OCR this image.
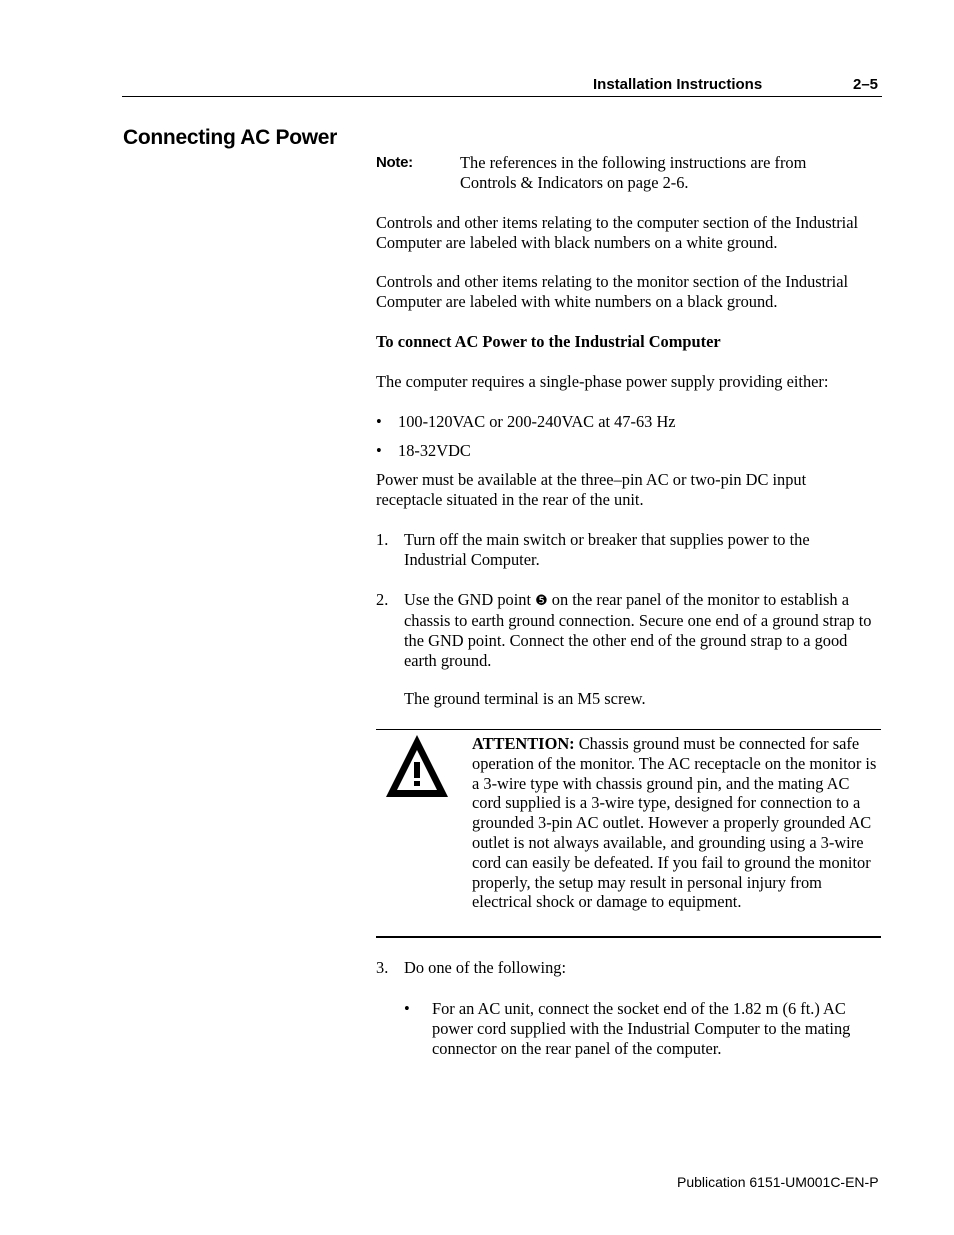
Installation Instructions	2–5
Connecting AC Power
Note:	The references in the following instructions are from
Controls & Indicators on page 2-6.
Controls and other items relating to the computer section of the Industrial Computer are labeled with black numbers on a white ground.
Controls and other items relating to the monitor section of the Industrial Computer are labeled with white numbers on a black ground.
To connect AC Power to the Industrial Computer
The computer requires a single-phase power supply providing either:
• 100-120VAC or 200-240VAC at 47-63 Hz
• 18-32VDC
Power must be available at the three–pin AC or two-pin DC input receptacle situated in the rear of the unit.
1. Turn off the main switch or breaker that supplies power to the Industrial Computer.
2. Use the GND point ❺ on the rear panel of the monitor to establish a chassis to earth ground connection. Secure one end of a ground strap to the GND point. Connect the other end of the ground strap to a good earth ground.
The ground terminal is an M5 screw.
ATTENTION: Chassis ground must be connected for safe operation of the monitor. The AC receptacle on the monitor is a 3-wire type with chassis ground pin, and the mating AC cord supplied is a 3-wire type, designed for connection to a grounded 3-pin AC outlet. However a properly grounded AC outlet is not always available, and grounding using a 3-wire cord can easily be defeated. If you fail to ground the monitor properly, the setup may result in personal injury from electrical shock or damage to equipment.
3. Do one of the following:
• For an AC unit, connect the socket end of the 1.82 m (6 ft.) AC power cord supplied with the Industrial Computer to the mating connector on the rear panel of the computer.
Publication 6151-UM001C-EN-P
